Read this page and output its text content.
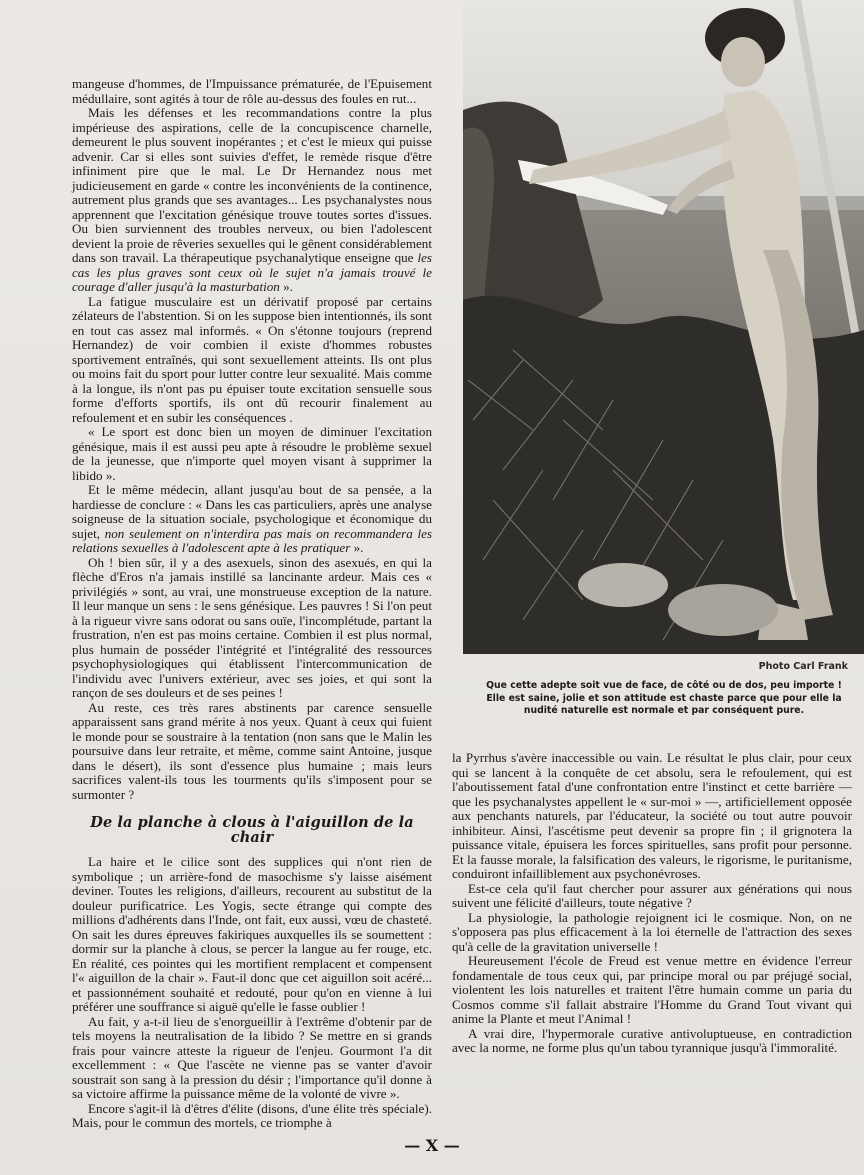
Photo Carl Frank
Que cette adepte soit vue de face, de côté ou de dos, peu importe !
Elle est saine, jolie et son attitude est chaste parce que pour elle la
nudité naturelle est normale et par conséquent pure.

mangeuse d'hommes, de l'Impuissance prématurée, de l'Epuisement médullaire, sont agités à tour de rôle au-dessus des foules en rut...

Mais les défenses et les recommandations contre la plus impérieuse des aspirations, celle de la concupiscence charnelle, demeurent le plus souvent inopérantes ; et c'est le mieux qui puisse advenir. Car si elles sont suivies d'effet, le remède risque d'être infiniment pire que le mal. Le Dr Hernandez nous met judicieusement en garde « contre les inconvénients de la continence, autrement plus grands que ses avantages... Les psychanalystes nous apprennent que l'excitation génésique trouve toutes sortes d'issues. Ou bien surviennent des troubles nerveux, ou bien l'adolescent devient la proie de rêveries sexuelles qui le gênent considérablement dans son travail. La thérapeutique psychanalytique enseigne que les cas les plus graves sont ceux où le sujet n'a jamais trouvé le courage d'aller jusqu'à la masturbation ».

La fatigue musculaire est un dérivatif proposé par certains zélateurs de l'abstention. Si on les suppose bien intentionnés, ils sont en tout cas assez mal informés. « On s'étonne toujours (reprend Hernandez) de voir combien il existe d'hommes robustes sportivement entraînés, qui sont sexuellement atteints. Ils ont plus ou moins fait du sport pour lutter contre leur sexualité. Mais comme à la longue, ils n'ont pas pu épuiser toute excitation sensuelle sous forme d'efforts sportifs, ils ont dû recourir finalement au refoulement et en subir les conséquences .

« Le sport est donc bien un moyen de diminuer l'excitation génésique, mais il est aussi peu apte à résoudre le problème sexuel de la jeunesse, que n'importe quel moyen visant à supprimer la libido ».

Et le même médecin, allant jusqu'au bout de sa pensée, a la hardiesse de conclure : « Dans les cas particuliers, après une analyse soigneuse de la situation sociale, psychologique et économique du sujet, non seulement on n'interdira pas mais on recommandera les relations sexuelles à l'adolescent apte à les pratiquer ».

Oh ! bien sûr, il y a des asexuels, sinon des asexués, en qui la flèche d'Eros n'a jamais instillé sa lancinante ardeur. Mais ces « privilégiés » sont, au vrai, une monstrueuse exception de la nature. Il leur manque un sens : le sens génésique. Les pauvres ! Si l'on peut à la rigueur vivre sans odorat ou sans ouïe, l'incomplétude, partant la frustration, n'en est pas moins certaine. Combien il est plus normal, plus humain de posséder l'intégrité et l'intégralité des ressources psychophysiologiques qui établissent l'intercommunication de l'individu avec l'univers extérieur, avec ses joies, et qui sont la rançon de ses douleurs et de ses peines !

Au reste, ces très rares abstinents par carence sensuelle apparaissent sans grand mérite à nos yeux. Quant à ceux qui fuient le monde pour se soustraire à la tentation (non sans que le Malin les poursuive dans leur retraite, et même, comme saint Antoine, jusque dans le désert), ils sont d'essence plus humaine ; mais leurs sacrifices valent-ils tous les tourments qu'ils s'imposent pour se surmonter ?

De la planche à clous à l'aiguillon de la chair

La haire et le cilice sont des supplices qui n'ont rien de symbolique ; un arrière-fond de masochisme s'y laisse aisément deviner. Toutes les religions, d'ailleurs, recourent au substitut de la douleur purificatrice. Les Yogis, secte étrange qui compte des millions d'adhérents dans l'Inde, ont fait, eux aussi, vœu de chasteté. On sait les dures épreuves fakiriques auxquelles ils se soumettent : dormir sur la planche à clous, se percer la langue au fer rouge, etc. En réalité, ces pointes qui les mortifient remplacent et compensent l'« aiguillon de la chair ». Faut-il donc que cet aiguillon soit acéré... et passionnément souhaité et redouté, pour qu'on en vienne à lui préférer une souffrance si aiguë qu'elle le fasse oublier !

Au fait, y a-t-il lieu de s'enorgueillir à l'extrême d'obtenir par de tels moyens la neutralisation de la libido ? Se mettre en si grands frais pour vaincre atteste la rigueur de l'enjeu. Gourmont l'a dit excellemment : « Que l'ascète ne vienne pas se vanter d'avoir soustrait son sang à la pression du désir ; l'importance qu'il donne à sa victoire affirme la puissance même de la volonté de vivre ».

Encore s'agit-il là d'êtres d'élite (disons, d'une élite très spéciale). Mais, pour le commun des mortels, ce triomphe à

la Pyrrhus s'avère inaccessible ou vain. Le résultat le plus clair, pour ceux qui se lancent à la conquête de cet absolu, sera le refoulement, qui est l'aboutissement fatal d'une confrontation entre l'instinct et cette barrière — que les psychanalystes appellent le « sur-moi » —, artificiellement opposée aux penchants naturels, par l'éducateur, la société ou tout autre pouvoir inhibiteur. Ainsi, l'ascétisme peut devenir sa propre fin ; il grignotera la puissance vitale, épuisera les forces spirituelles, sans profit pour personne. Et la fausse morale, la falsification des valeurs, le rigorisme, le puritanisme, conduiront infailliblement aux psychonévroses.

Est-ce cela qu'il faut chercher pour assurer aux générations qui nous suivent une félicité d'ailleurs, toute négative ?

La physiologie, la pathologie rejoignent ici le cosmique. Non, on ne s'opposera pas plus efficacement à la loi éternelle de l'attraction des sexes qu'à celle de la gravitation universelle !

Heureusement l'école de Freud est venue mettre en évidence l'erreur fondamentale de tous ceux qui, par principe moral ou par préjugé social, violentent les lois naturelles et traitent l'être humain comme un paria du Cosmos comme s'il fallait abstraire l'Homme du Grand Tout vivant qui anime la Plante et meut l'Animal !

A vrai dire, l'hypermorale curative antivoluptueuse, en contradiction avec la norme, ne forme plus qu'un tabou tyrannique jusqu'à l'immoralité.

— X —
